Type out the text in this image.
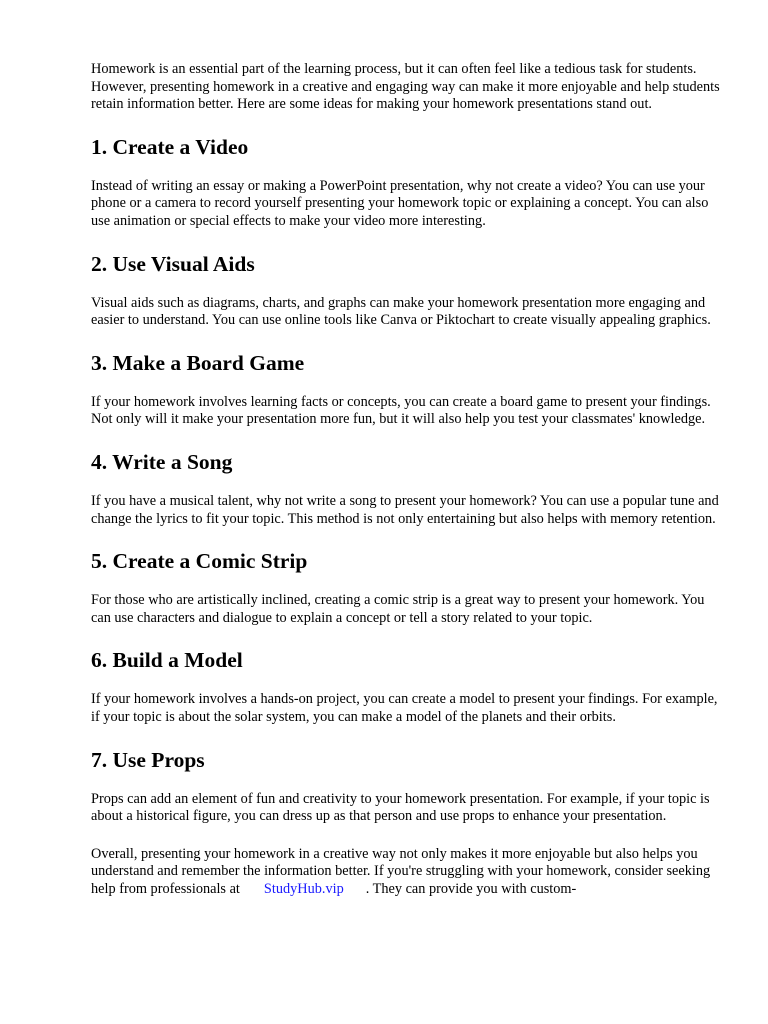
Homework is an essential part of the learning process, but it can often feel like a tedious task for students. However, presenting homework in a creative and engaging way can make it more enjoyable and help students retain information better. Here are some ideas for making your homework presentations stand out.

1. Create a Video

Instead of writing an essay or making a PowerPoint presentation, why not create a video? You can use your phone or a camera to record yourself presenting your homework topic or explaining a concept. You can also use animation or special effects to make your video more interesting.

2. Use Visual Aids

Visual aids such as diagrams, charts, and graphs can make your homework presentation more engaging and easier to understand. You can use online tools like Canva or Piktochart to create visually appealing graphics.

3. Make a Board Game

If your homework involves learning facts or concepts, you can create a board game to present your findings. Not only will it make your presentation more fun, but it will also help you test your classmates' knowledge.

4. Write a Song

If you have a musical talent, why not write a song to present your homework? You can use a popular tune and change the lyrics to fit your topic. This method is not only entertaining but also helps with memory retention.

5. Create a Comic Strip

For those who are artistically inclined, creating a comic strip is a great way to present your homework. You can use characters and dialogue to explain a concept or tell a story related to your topic.

6. Build a Model

If your homework involves a hands-on project, you can create a model to present your findings. For example, if your topic is about the solar system, you can make a model of the planets and their orbits.

7. Use Props

Props can add an element of fun and creativity to your homework presentation. For example, if your topic is about a historical figure, you can dress up as that person and use props to enhance your presentation.

Overall, presenting your homework in a creative way not only makes it more enjoyable but also helps you understand and remember the information better. If you're struggling with your homework, consider seeking help from professionals at StudyHub.vip . They can provide you with custom-
